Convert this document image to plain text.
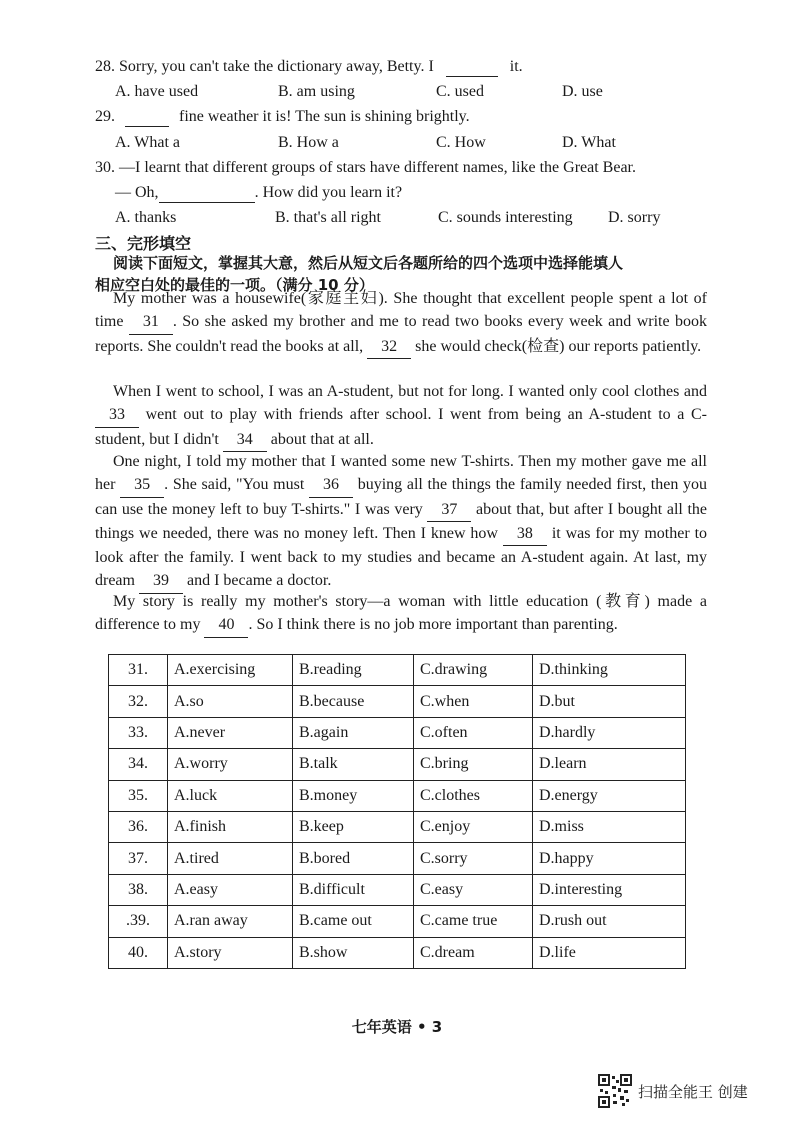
28. Sorry, you can't take the dictionary away, Betty. I	it.
A. have used	B. am using	C. used	D. use
29.	fine weather it is! The sun is shining brightly.
A. What a	B. How a	C. How	D. What
30. —I learnt that different groups of stars have different names, like the Great Bear.
— Oh,	. How did you learn it?
A. thanks	B. that's all right	C. sounds interesting	D. sorry
三、完形填空
阅读下面短文，掌握其大意，然后从短文后各题所给的四个选项中选择能填人
相应空白处的最佳的一项。（满分 10 分）
My mother was a housewife(家庭主妇). She thought that excellent people spent a lot of time 31 . So she asked my brother and me to read two books every week and write book reports. She couldn't read the books at all, 32 she would check(检查) our reports patiently.
When I went to school, I was an A-student, but not for long. I wanted only cool clothes and 33 went out to play with friends after school. I went from being an A-student to a C-student, but I didn't 34 about that at all.
One night, I told my mother that I wanted some new T-shirts. Then my mother gave me all her 35 . She said, "You must 36 buying all the things the family needed first, then you can use the money left to buy T-shirts." I was very 37 about that, but after I bought all the things we needed, there was no money left. Then I knew how 38 it was for my mother to look after the family. I went back to my studies and became an A-student again. At last, my dream 39 and I became a doctor.
My story is really my mother's story—a woman with little education (教育) made a difference to my 40 . So I think there is no job more important than parenting.
31.	A.exercising	B.reading	C.drawing	D.thinking
32.	A.so	B.because	C.when	D.but
33.	A.never	B.again	C.often	D.hardly
34.	A.worry	B.talk	C.bring	D.learn
35.	A.luck	B.money	C.clothes	D.energy
36.	A.finish	B.keep	C.enjoy	D.miss
37.	A.tired	B.bored	C.sorry	D.happy
38.	A.easy	B.difficult	C.easy	D.interesting
.39.	A.ran away	B.came out	C.came true	D.rush out
40.	A.story	B.show	C.dream	D.life
七年英语 • 3
扫描全能王 创建
